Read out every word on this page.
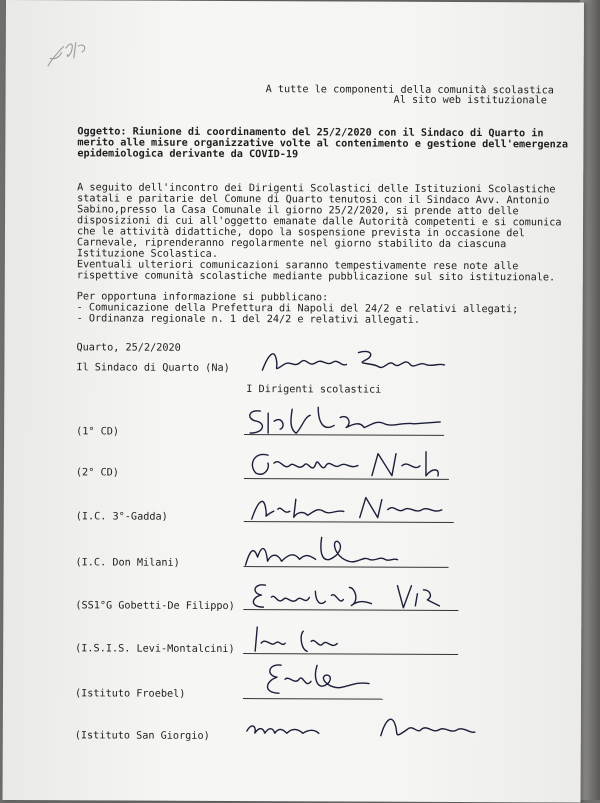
A tutte le componenti della comunità scolastica
Al sito web istituzionale
Oggetto: Riunione di coordinamento del 25/2/2020 con il Sindaco di Quarto in
merito alle misure organizzative volte al contenimento e gestione dell'emergenza
epidemiologica derivante da COVID-19
A seguito dell'incontro dei Dirigenti Scolastici delle Istituzioni Scolastiche
statali e paritarie del Comune di Quarto tenutosi con il Sindaco Avv. Antonio
Sabino,presso la Casa Comunale il giorno 25/2/2020, si prende atto delle
disposizioni di cui all'oggetto emanate dalle Autorità competenti e si comunica
che le attività didattiche, dopo la sospensione prevista in occasione del
Carnevale, riprenderanno regolarmente nel giorno stabilito da ciascuna
Istituzione Scolastica.
Eventuali ulteriori comunicazioni saranno tempestivamente rese note alle
rispettive comunità scolastiche mediante pubblicazione sul sito istituzionale.
Per opportuna informazione si pubblicano:
- Comunicazione della Prefettura di Napoli del 24/2 e relativi allegati;
- Ordinanza regionale n. 1 del 24/2 e relativi allegati.
Quarto, 25/2/2020
Il Sindaco di Quarto (Na)
I Dirigenti scolastici
(1° CD)
(2° CD)
(I.C. 3°-Gadda)
(I.C. Don Milani)
(SS1°G Gobetti-De Filippo)
(I.S.I.S. Levi-Montalcini)
(Istituto Froebel)
(Istituto San Giorgio)
